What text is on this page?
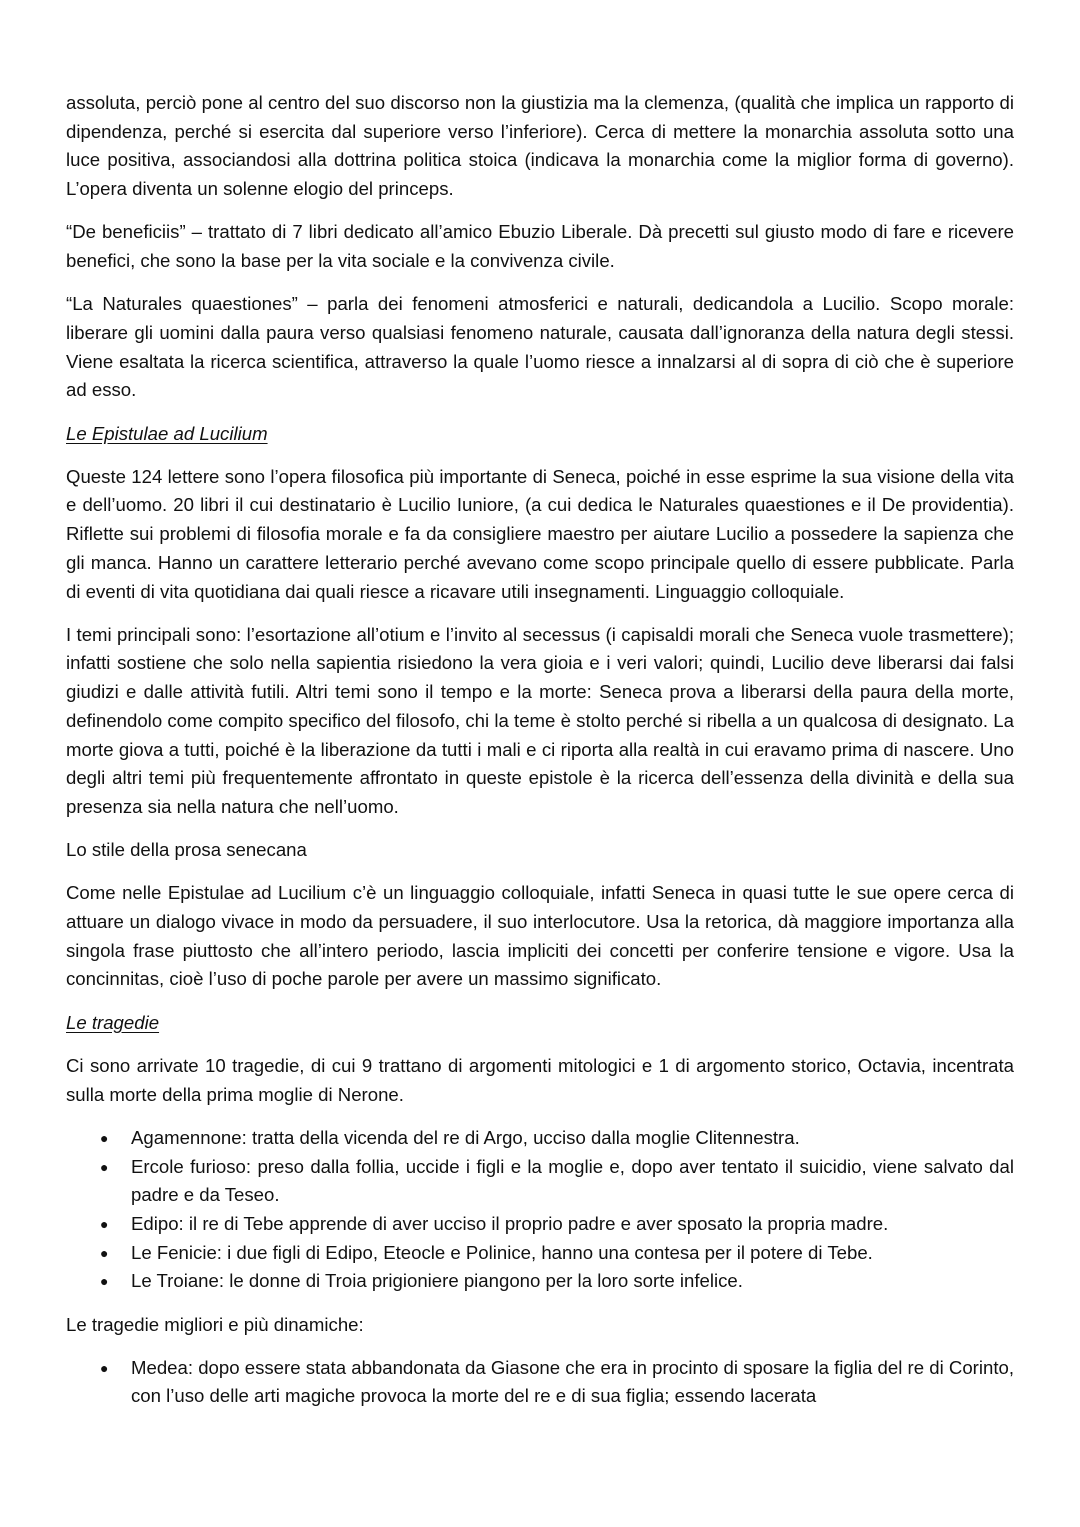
assoluta, perciò pone al centro del suo discorso non la giustizia ma la clemenza, (qualità che implica un rapporto di dipendenza, perché si esercita dal superiore verso l’inferiore). Cerca di mettere la monarchia assoluta sotto una luce positiva, associandosi alla dottrina politica stoica (indicava la monarchia come la miglior forma di governo). L’opera diventa un solenne elogio del princeps.

“De beneficiis” – trattato di 7 libri dedicato all’amico Ebuzio Liberale. Dà precetti sul giusto modo di fare e ricevere benefici, che sono la base per la vita sociale e la convivenza civile.

“La Naturales quaestiones” – parla dei fenomeni atmosferici e naturali, dedicandola a Lucilio. Scopo morale: liberare gli uomini dalla paura verso qualsiasi fenomeno naturale, causata dall’ignoranza della natura degli stessi. Viene esaltata la ricerca scientifica, attraverso la quale l’uomo riesce a innalzarsi al di sopra di ciò che è superiore ad esso.

Le Epistulae ad Lucilium

Queste 124 lettere sono l’opera filosofica più importante di Seneca, poiché in esse esprime la sua visione della vita e dell’uomo. 20 libri il cui destinatario è Lucilio Iuniore, (a cui dedica le Naturales quaestiones e il De providentia). Riflette sui problemi di filosofia morale e fa da consigliere maestro per aiutare Lucilio a possedere la sapienza che gli manca. Hanno un carattere letterario perché avevano come scopo principale quello di essere pubblicate. Parla di eventi di vita quotidiana dai quali riesce a ricavare utili insegnamenti. Linguaggio colloquiale.

I temi principali sono: l’esortazione all’otium e l’invito al secessus (i capisaldi morali che Seneca vuole trasmettere); infatti sostiene che solo nella sapientia risiedono la vera gioia e i veri valori; quindi, Lucilio deve liberarsi dai falsi giudizi e dalle attività futili. Altri temi sono il tempo e la morte: Seneca prova a liberarsi della paura della morte, definendolo come compito specifico del filosofo, chi la teme è stolto perché si ribella a un qualcosa di designato. La morte giova a tutti, poiché è la liberazione da tutti i mali e ci riporta alla realtà in cui eravamo prima di nascere. Uno degli altri temi più frequentemente affrontato in queste epistole è la ricerca dell’essenza della divinità e della sua presenza sia nella natura che nell’uomo.

Lo stile della prosa senecana

Come nelle Epistulae ad Lucilium c’è un linguaggio colloquiale, infatti Seneca in quasi tutte le sue opere cerca di attuare un dialogo vivace in modo da persuadere, il suo interlocutore. Usa la retorica, dà maggiore importanza alla singola frase piuttosto che all’intero periodo, lascia impliciti dei concetti per conferire tensione e vigore. Usa la concinnitas, cioè l’uso di poche parole per avere un massimo significato.

Le tragedie

Ci sono arrivate 10 tragedie, di cui 9 trattano di argomenti mitologici e 1 di argomento storico, Octavia, incentrata sulla morte della prima moglie di Nerone.

● Agamennone: tratta della vicenda del re di Argo, ucciso dalla moglie Clitennestra.
● Ercole furioso: preso dalla follia, uccide i figli e la moglie e, dopo aver tentato il suicidio, viene salvato dal padre e da Teseo.
● Edipo: il re di Tebe apprende di aver ucciso il proprio padre e aver sposato la propria madre.
● Le Fenicie: i due figli di Edipo, Eteocle e Polinice, hanno una contesa per il potere di Tebe.
● Le Troiane: le donne di Troia prigioniere piangono per la loro sorte infelice.

Le tragedie migliori e più dinamiche:

● Medea: dopo essere stata abbandonata da Giasone che era in procinto di sposare la figlia del re di Corinto, con l’uso delle arti magiche provoca la morte del re e di sua figlia; essendo lacerata
